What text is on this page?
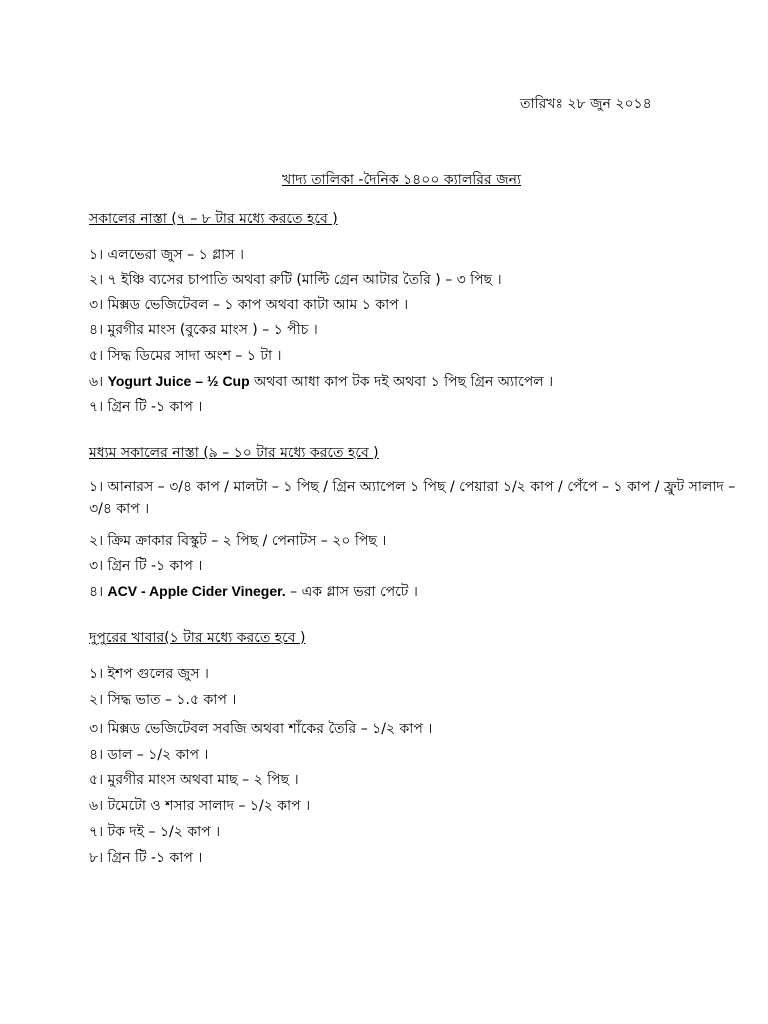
তারিখঃ ২৮ জুন ২০১৪
খাদ্য তালিকা -দৈনিক ১৪০০ ক্যালরির জন্য
সকালের নাস্তা (৭ – ৮ টার মধ্যে করতে হবে )
১। এলভেরা জুস – ১ গ্লাস ।
২। ৭ ইঞ্চি ব্যসের চাপাতি অথবা রুটি (মাল্টি গ্রেন আটার তৈরি ) – ৩ পিছ ।
৩। মিক্সড ভেজিটেবল – ১ কাপ অথবা কাটা আম ১ কাপ ।
৪। মুরগীর মাংস (বুকের মাংস ) – ১ পীচ ।
৫। সিদ্ধ ডিমের সাদা অংশ – ১ টা ।
৬। Yogurt Juice – ½ Cup অথবা আধা কাপ টক দই অথবা ১ পিছ গ্রিন অ্যাপেল ।
৭। গ্রিন টি -১ কাপ ।
মধ্যম সকালের নাস্তা (৯ – ১০ টার মধ্যে করতে হবে )
১। আনারস – ৩/৪ কাপ / মালটা – ১ পিছ / গ্রিন অ্যাপেল ১ পিছ / পেয়ারা ১/২ কাপ / পেঁপে – ১ কাপ / ফ্রুট সালাদ – ৩/৪ কাপ ।
২। ক্রিম ক্রাকার বিস্কুট – ২ পিছ / পেনাটস – ২০ পিছ ।
৩। গ্রিন টি -১ কাপ ।
৪। ACV - Apple Cider Vineger. – এক গ্লাস ভরা পেটে ।
দুপুরের খাবার(১ টার মধ্যে করতে হবে )
১। ইশপ গুলের জুস ।
২। সিদ্ধ ভাত – ১.৫ কাপ ।
৩। মিক্সড ভেজিটেবল সবজি অথবা শাঁকের তৈরি – ১/২ কাপ ।
৪। ডাল – ১/২ কাপ ।
৫। মুরগীর মাংস অথবা মাছ – ২ পিছ ।
৬। টমেটো ও শসার সালাদ – ১/২ কাপ ।
৭। টক দই – ১/২ কাপ ।
৮। গ্রিন টি -১ কাপ ।
